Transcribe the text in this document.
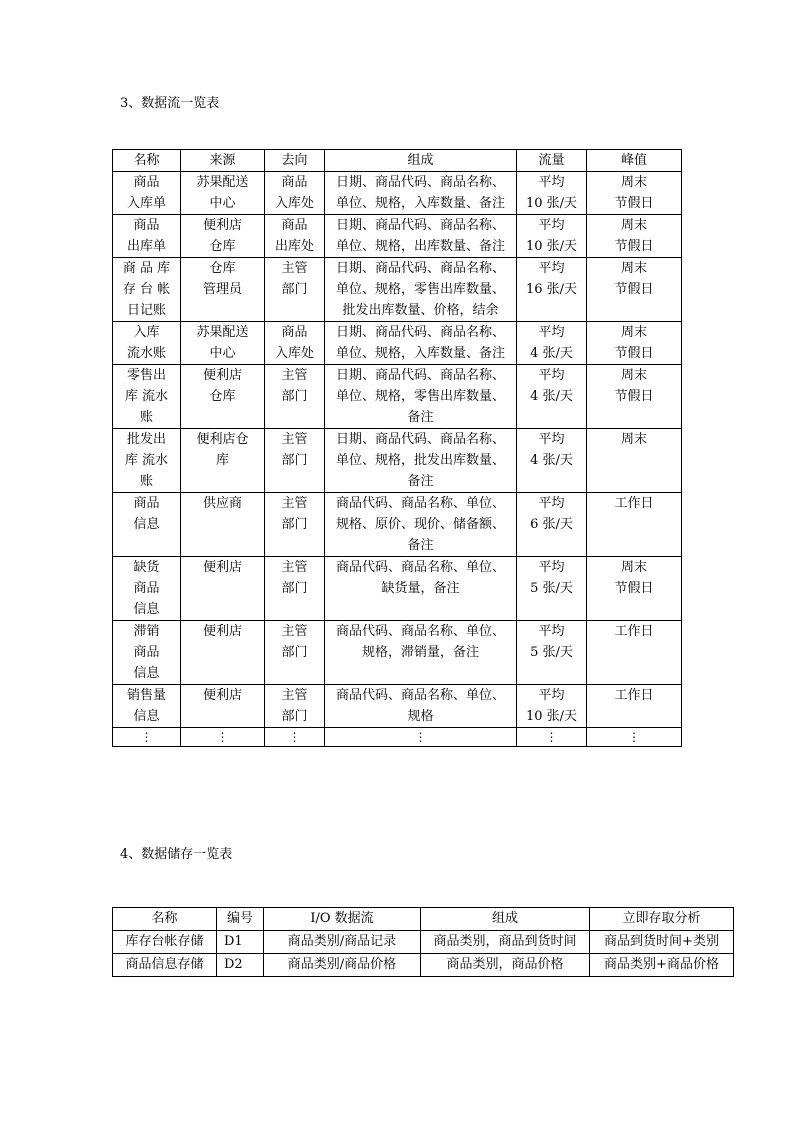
3、数据流一览表
名称	来源	去向	组成	流量	峰值

商品
入库单	苏果配送
中心	商品
入库处	日期、商品代码、商品名称、
单位、规格，入库数量、备注	平均
10 张/天	周末
节假日

商品
出库单	便利店
仓库	商品
出库处	日期、商品代码、商品名称、
单位、规格，出库数量、备注	平均
10 张/天	周末
节假日

商 品 库
存 台 帐
日记账	仓库
管理员	主管
部门	日期、商品代码、商品名称、
单位、规格，零售出库数量、
批发出库数量、价格，结余	平均
16 张/天	周末
节假日

入库
流水账	苏果配送
中心	商品
入库处	日期、商品代码、商品名称、
单位、规格，入库数量、备注	平均
4 张/天	周末
节假日

零售出
库 流水
账	便利店
仓库	主管
部门	日期、商品代码、商品名称、
单位、规格，零售出库数量、
备注	平均
4 张/天	周末
节假日

批发出
库 流水
账	便利店仓
库	主管
部门	日期、商品代码、商品名称、
单位、规格，批发出库数量、
备注	平均
4 张/天	周末

商品
信息	供应商	主管
部门	商品代码、商品名称、单位、
规格、原价、现价、储备额、
备注	平均
6 张/天	工作日

缺货
商品
信息	便利店	主管
部门	商品代码、商品名称、单位、
缺货量，备注	平均
5 张/天	周末
节假日

滞销
商品
信息	便利店	主管
部门	商品代码、商品名称、单位、
规格，滞销量，备注	平均
5 张/天	工作日

销售量
信息	便利店	主管
部门	商品代码、商品名称、单位、
规格	平均
10 张/天	工作日

⋮	⋮	⋮	⋮	⋮	⋮
4、数据储存一览表
名称	编号	I/O 数据流	组成	立即存取分析
库存台帐存储	D1	商品类别/商品记录	商品类别，商品到货时间	商品到货时间+类别
商品信息存储	D2	商品类别/商品价格	商品类别，商品价格	商品类别+商品价格
